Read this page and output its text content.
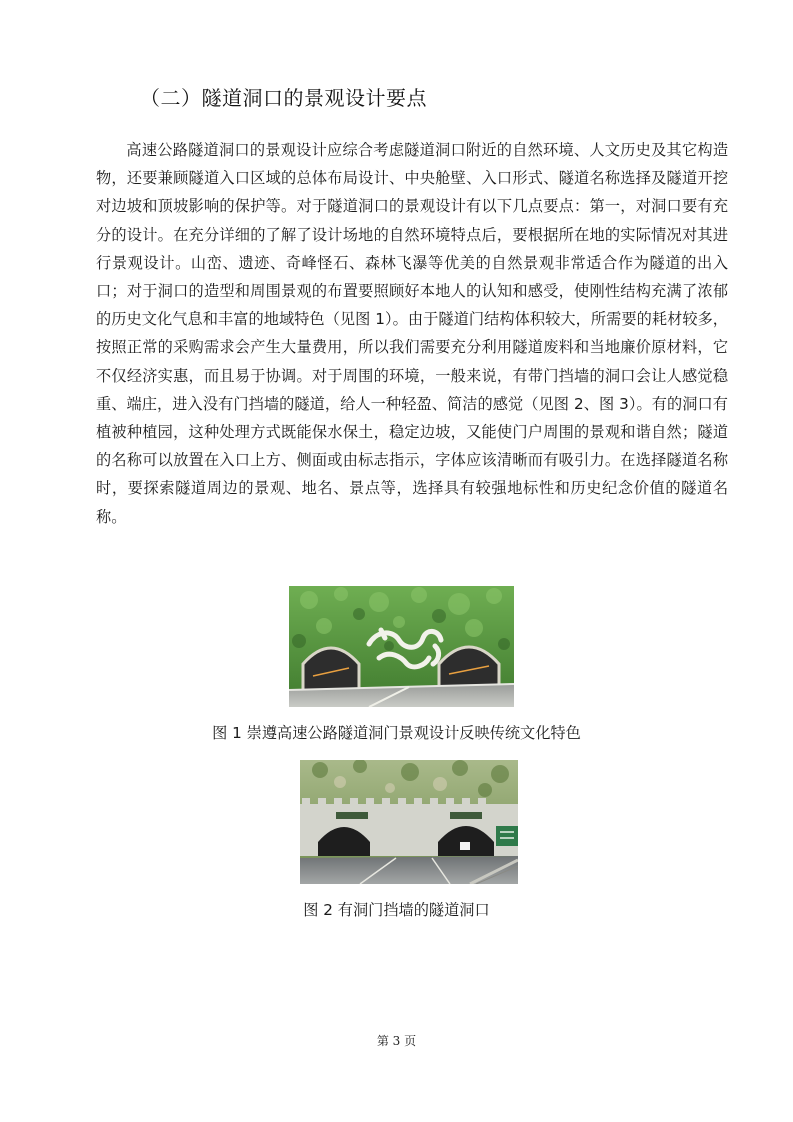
（二）隧道洞口的景观设计要点

高速公路隧道洞口的景观设计应综合考虑隧道洞口附近的自然环境、人文历史及其它构造物，还要兼顾隧道入口区域的总体布局设计、中央舱壁、入口形式、隧道名称选择及隧道开挖对边坡和顶坡影响的保护等。对于隧道洞口的景观设计有以下几点要点：第一，对洞口要有充分的设计。在充分详细的了解了设计场地的自然环境特点后，要根据所在地的实际情况对其进行景观设计。山峦、遗迹、奇峰怪石、森林飞瀑等优美的自然景观非常适合作为隧道的出入口；对于洞口的造型和周围景观的布置要照顾好本地人的认知和感受，使刚性结构充满了浓郁的历史文化气息和丰富的地域特色（见图 1）。由于隧道门结构体积较大，所需要的耗材较多，按照正常的采购需求会产生大量费用，所以我们需要充分利用隧道废料和当地廉价原材料，它不仅经济实惠，而且易于协调。对于周围的环境，一般来说，有带门挡墙的洞口会让人感觉稳重、端庄，进入没有门挡墙的隧道，给人一种轻盈、简洁的感觉（见图 2、图 3）。有的洞口有植被种植园，这种处理方式既能保水保土，稳定边坡，又能使门户周围的景观和谐自然；隧道的名称可以放置在入口上方、侧面或由标志指示，字体应该清晰而有吸引力。在选择隧道名称时，要探索隧道周边的景观、地名、景点等，选择具有较强地标性和历史纪念价值的隧道名称。

图 1 崇遵高速公路隧道洞门景观设计反映传统文化特色
图 2 有洞门挡墙的隧道洞口
第 3 页
